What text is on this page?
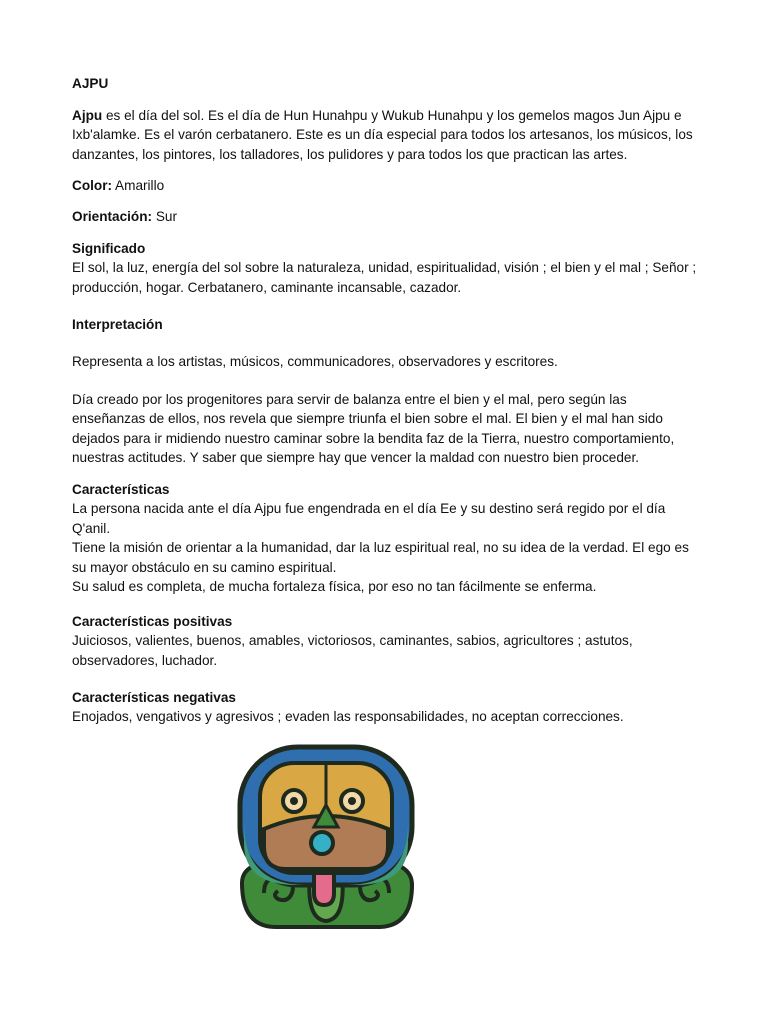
AJPU

Ajpu es el día del sol. Es el día de Hun Hunahpu y Wukub Hunahpu y los gemelos magos Jun Ajpu e Ixb'alamke. Es el varón cerbatanero. Este es un día especial para todos los artesanos, los músicos, los danzantes, los pintores, los talladores, los pulidores y para todos los que practican las artes.

Color: Amarillo

Orientación: Sur

Significado
El sol, la luz, energía del sol sobre la naturaleza, unidad, espiritualidad, visión ; el bien y el mal ; Señor ; producción, hogar. Cerbatanero, caminante incansable, cazador.

Interpretación

Representa a los artistas, músicos, communicadores, observadores y escritores.

Día creado por los progenitores para servir de balanza entre el bien y el mal, pero según las enseñanzas de ellos, nos revela que siempre triunfa el bien sobre el mal. El bien y el mal han sido dejados para ir midiendo nuestro caminar sobre la bendita faz de la Tierra, nuestro comportamiento, nuestras actitudes. Y saber que siempre hay que vencer la maldad con nuestro bien proceder.

Características
La persona nacida ante el día Ajpu fue engendrada en el día Ee y su destino será regido por el día Q'anil.
Tiene la misión de orientar a la humanidad, dar la luz espiritual real, no su idea de la verdad. El ego es su mayor obstáculo en su camino espiritual.
Su salud es completa, de mucha fortaleza física, por eso no tan fácilmente se enferma.
Características positivas
Juiciosos, valientes, buenos, amables, victoriosos, caminantes, sabios, agricultores ; astutos, observadores, luchador.
Características negativas
Enojados, vengativos y agresivos ; evaden las responsabilidades, no aceptan correcciones.
